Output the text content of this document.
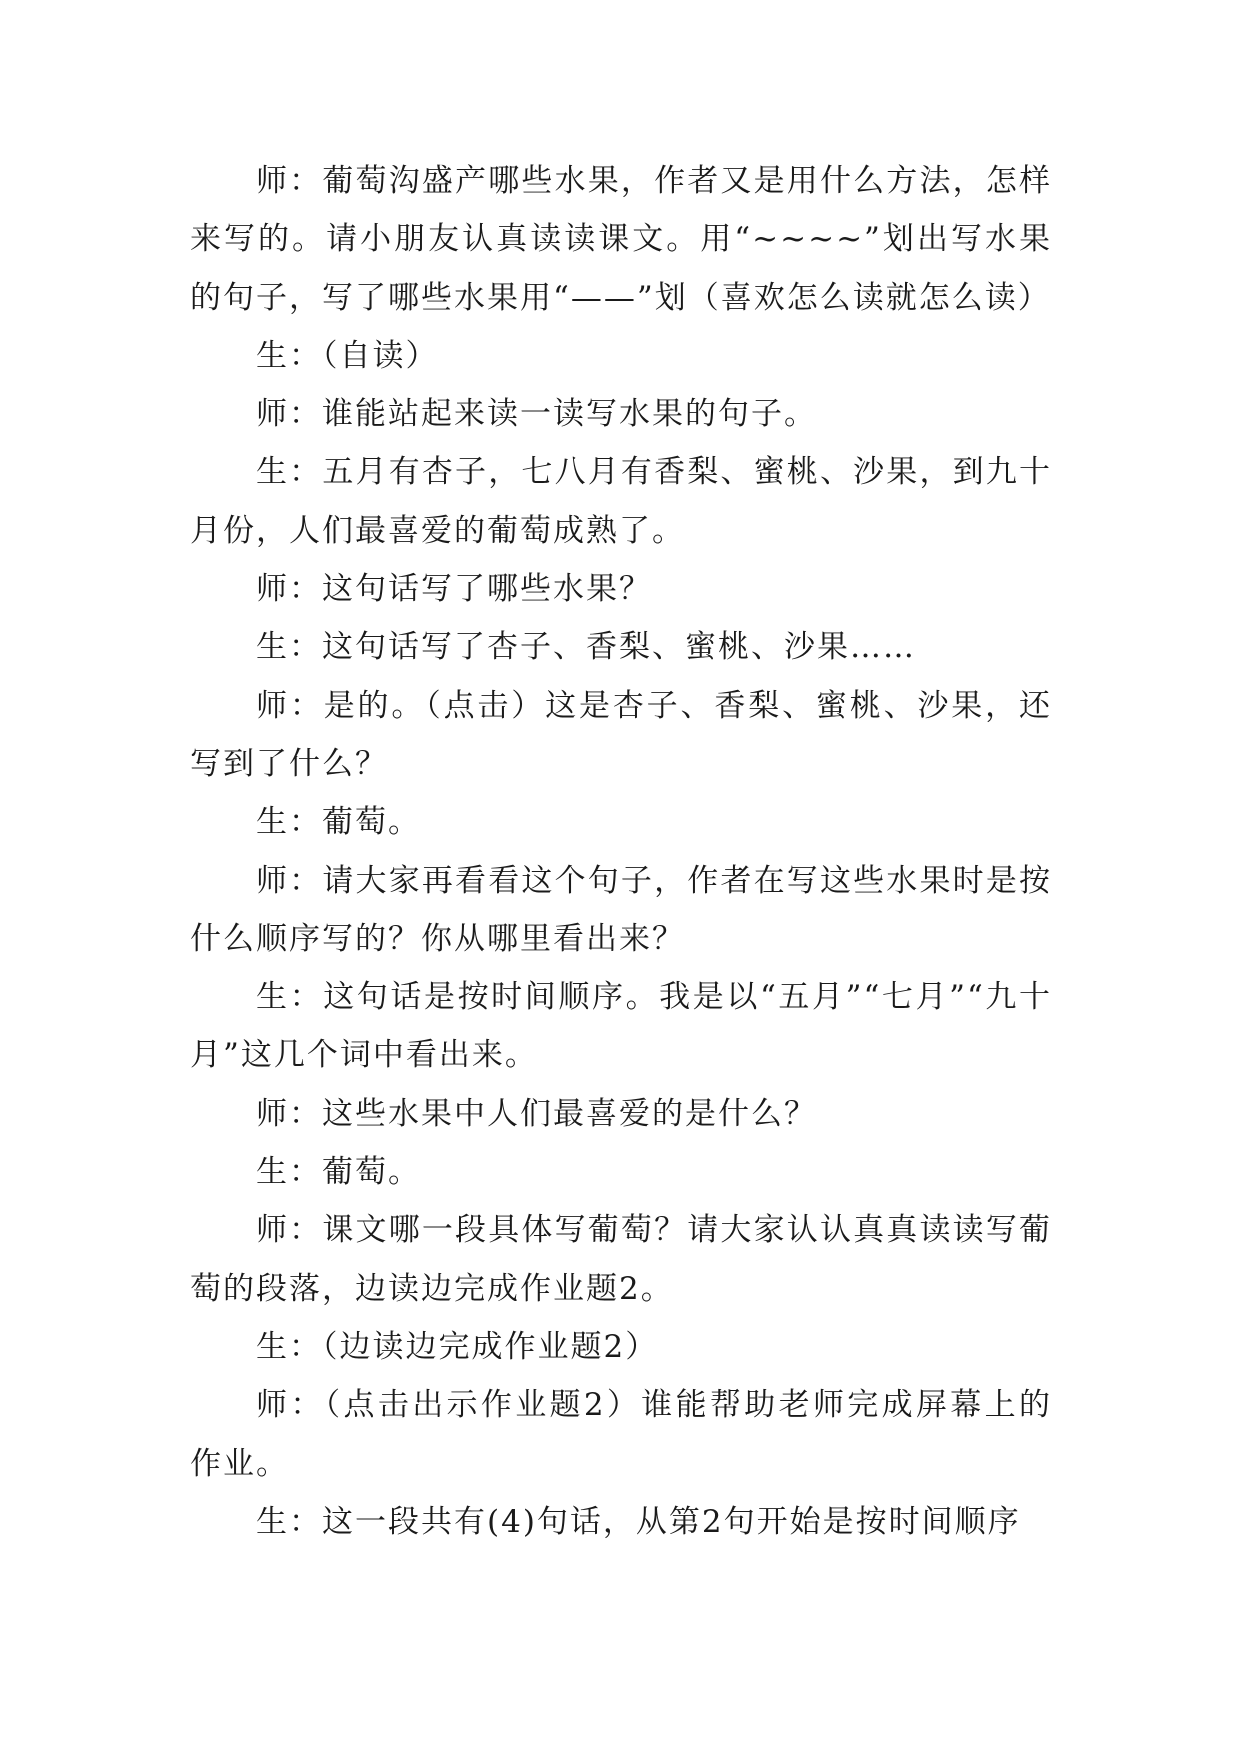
师：葡萄沟盛产哪些水果，作者又是用什么方法，怎样来写的。请小朋友认真读读课文。用“~~~~”划出写水果的句子，写了哪些水果用“——”划（喜欢怎么读就怎么读）

生：（自读）

师：谁能站起来读一读写水果的句子。

生：五月有杏子，七八月有香梨、蜜桃、沙果，到九十月份，人们最喜爱的葡萄成熟了。

师：这句话写了哪些水果？

生：这句话写了杏子、香梨、蜜桃、沙果……

师：是的。（点击）这是杏子、香梨、蜜桃、沙果，还写到了什么？

生：葡萄。

师：请大家再看看这个句子，作者在写这些水果时是按什么顺序写的？你从哪里看出来？

生：这句话是按时间顺序。我是以“五月”“七月”“九十月”这几个词中看出来。

师：这些水果中人们最喜爱的是什么？

生：葡萄。

师：课文哪一段具体写葡萄？请大家认认真真读读写葡萄的段落，边读边完成作业题2。

生：（边读边完成作业题2）

师：（点击出示作业题2）谁能帮助老师完成屏幕上的作业。

生：这一段共有(4)句话，从第2句开始是按时间顺序
